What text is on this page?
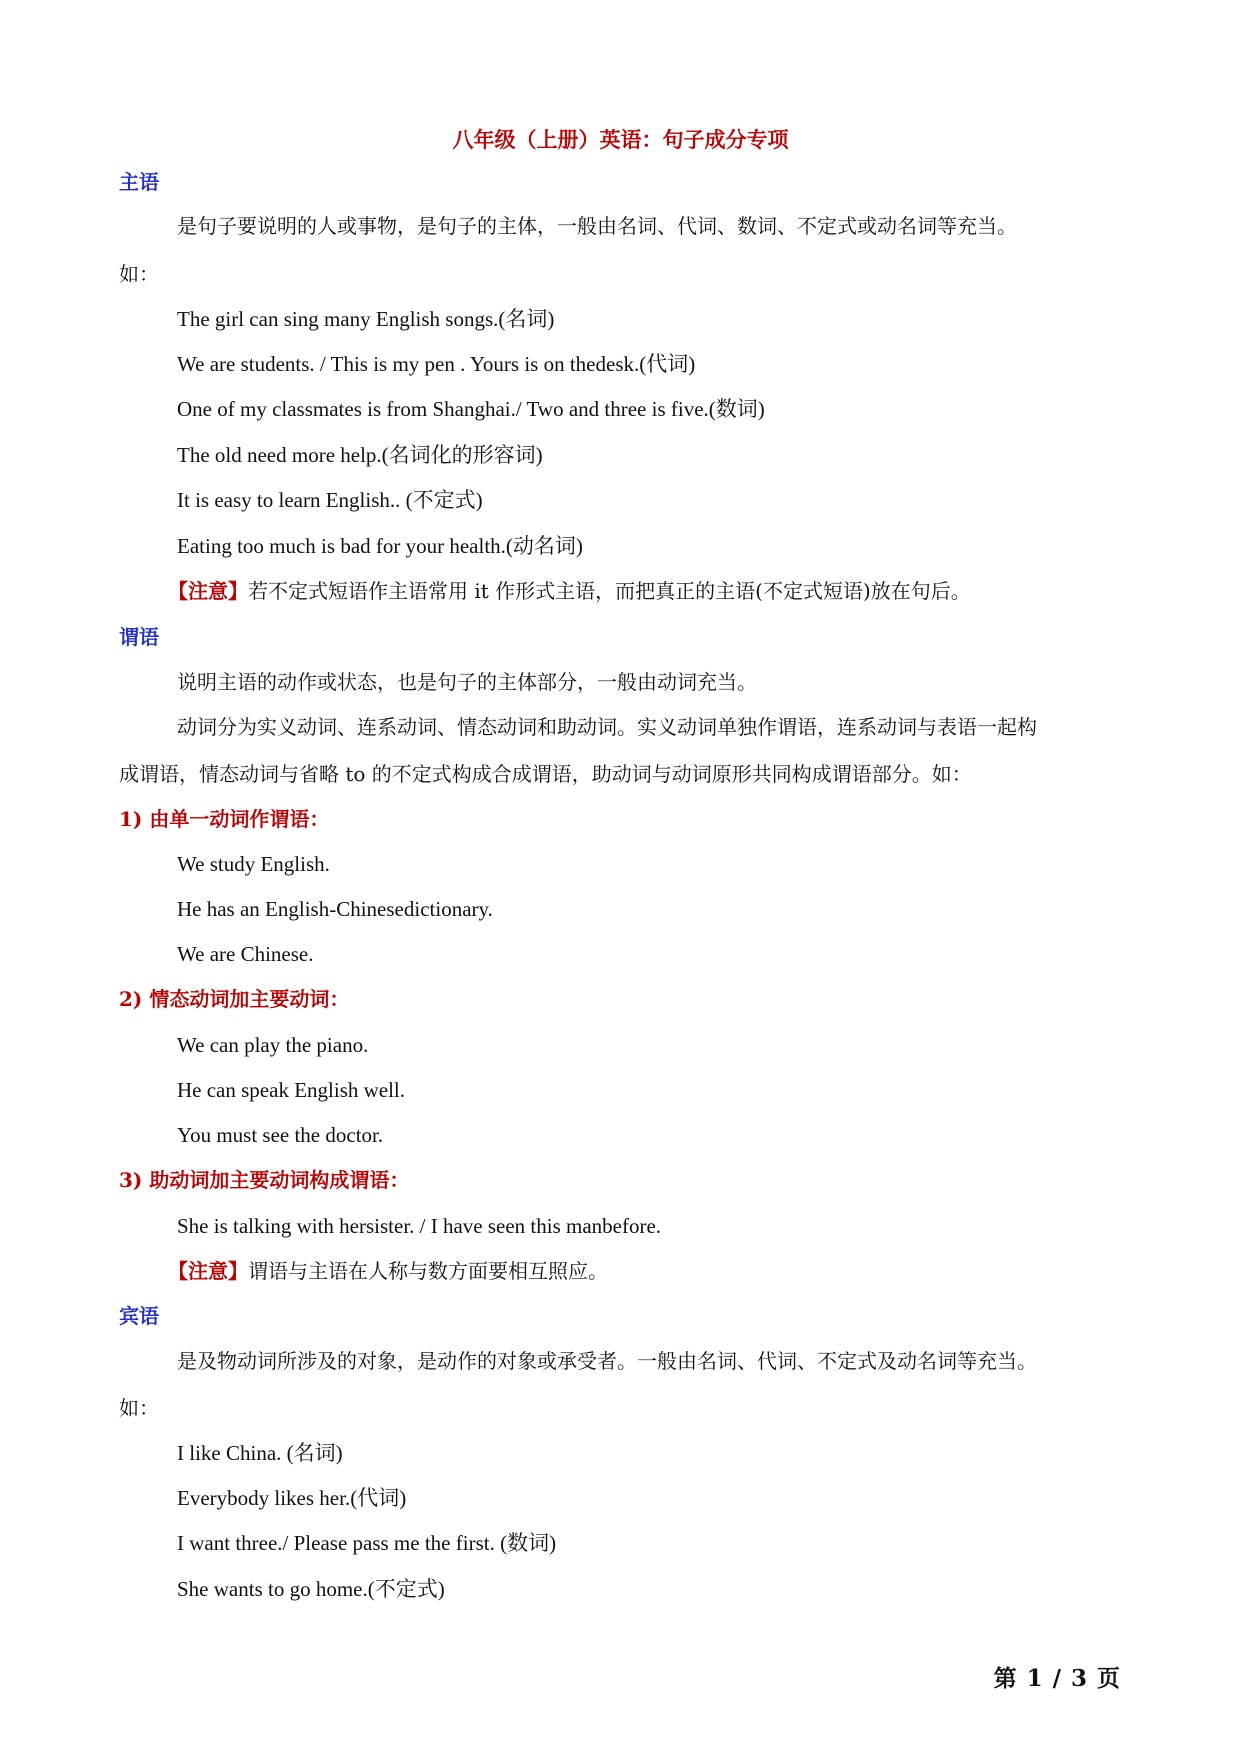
八年级（上册）英语：句子成分专项
主语
是句子要说明的人或事物，是句子的主体，一般由名词、代词、数词、不定式或动名词等充当。
如：
The girl can sing many English songs.(名词)
We are students. / This is my pen . Yours is on thedesk.(代词)
One of my classmates is from Shanghai./ Two and three is five.(数词)
The old need more help.(名词化的形容词)
It is easy to learn English.. (不定式)
Eating too much is bad for your health.(动名词)
【注意】若不定式短语作主语常用 it 作形式主语，而把真正的主语(不定式短语)放在句后。
谓语
说明主语的动作或状态，也是句子的主体部分，一般由动词充当。
动词分为实义动词、连系动词、情态动词和助动词。实义动词单独作谓语，连系动词与表语一起构
成谓语，情态动词与省略 to 的不定式构成合成谓语，助动词与动词原形共同构成谓语部分。如：
1) 由单一动词作谓语：
We study English.
He has an English-Chinesedictionary.
We are Chinese.
2) 情态动词加主要动词：
We can play the piano.
He can speak English well.
You must see the doctor.
3) 助动词加主要动词构成谓语：
She is talking with hersister. / I have seen this manbefore.
【注意】谓语与主语在人称与数方面要相互照应。
宾语
是及物动词所涉及的对象，是动作的对象或承受者。一般由名词、代词、不定式及动名词等充当。
如：
I like China. (名词)
Everybody likes her.(代词)
I want three./ Please pass me the first. (数词)
She wants to go home.(不定式)
第 1 / 3 页
